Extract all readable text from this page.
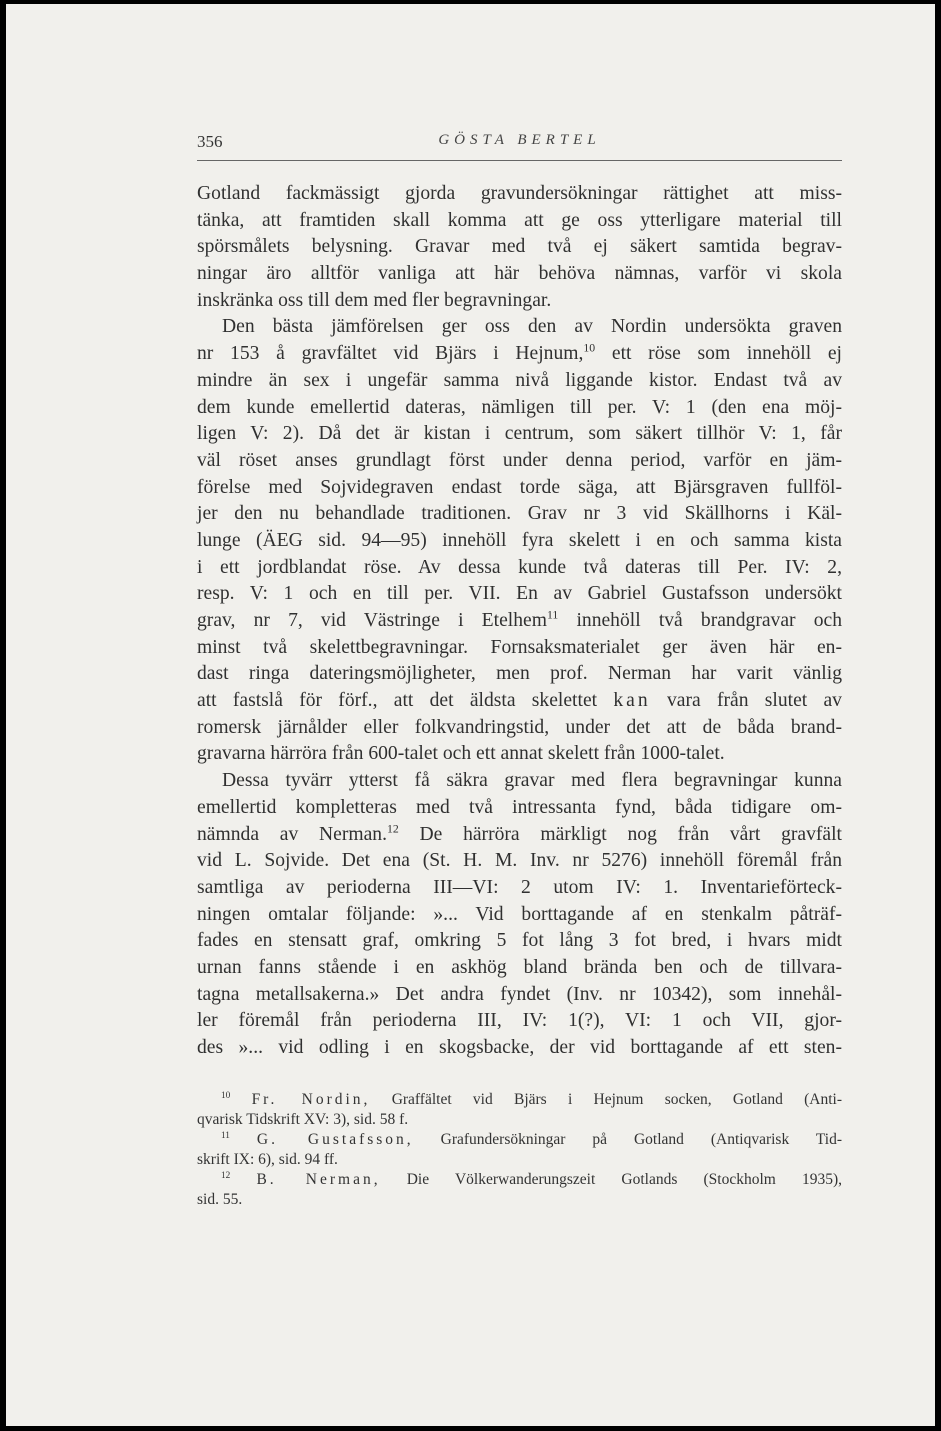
356	GÖSTA BERTEL
Gotland fackmässigt gjorda gravundersökningar rättighet att miss-
tänka, att framtiden skall komma att ge oss ytterligare material till
spörsmålets belysning. Gravar med två ej säkert samtida begrav-
ningar äro alltför vanliga att här behöva nämnas, varför vi skola
inskränka oss till dem med fler begravningar.
Den bästa jämförelsen ger oss den av Nordin undersökta graven
nr 153 å gravfältet vid Bjärs i Hejnum,$^{10}$ ett röse som innehöll ej
mindre än sex i ungefär samma nivå liggande kistor. Endast två av
dem kunde emellertid dateras, nämligen till per. V: 1 (den ena möj-
ligen V: 2). Då det är kistan i centrum, som säkert tillhör V: 1, får
väl röset anses grundlagt först under denna period, varför en jäm-
förelse med Sojvidegraven endast torde säga, att Bjärsgraven fullföl-
jer den nu behandlade traditionen. Grav nr 3 vid Skällhorns i Käl-
lunge (ÄEG sid. 94—95) innehöll fyra skelett i en och samma kista
i ett jordblandat röse. Av dessa kunde två dateras till Per. IV: 2,
resp. V: 1 och en till per. VII. En av Gabriel Gustafsson undersökt
grav, nr 7, vid Västringe i Etelhem$^{11}$ innehöll två brandgravar och
minst två skelettbegravningar. Fornsaksmaterialet ger även här en-
dast ringa dateringsmöjligheter, men prof. Nerman har varit vänlig
att fastslå för förf., att det äldsta skelettet kan vara från slutet av
romersk järnålder eller folkvandringstid, under det att de båda brand-
gravarna härröra från 600-talet och ett annat skelett från 1000-talet.
Dessa tyvärr ytterst få säkra gravar med flera begravningar kunna
emellertid kompletteras med två intressanta fynd, båda tidigare om-
nämnda av Nerman.$^{12}$ De härröra märkligt nog från vårt gravfält
vid L. Sojvide. Det ena (St. H. M. Inv. nr 5276) innehöll föremål från
samtliga av perioderna III—VI: 2 utom IV: 1. Inventarieförteck-
ningen omtalar följande: »... Vid borttagande af en stenkalm påträf-
fades en stensatt graf, omkring 5 fot lång 3 fot bred, i hvars midt
urnan fanns stående i en askhög bland brända ben och de tillvara-
tagna metallsakerna.» Det andra fyndet (Inv. nr 10342), som innehål-
ler föremål från perioderna III, IV: 1(?), VI: 1 och VII, gjor-
des »... vid odling i en skogsbacke, der vid borttagande af ett sten-
$^{10}$ Fr. Nordin, Graffältet vid Bjärs i Hejnum socken, Gotland (Anti-
qvarisk Tidskrift XV: 3), sid. 58 f.
$^{11}$ G. Gustafsson, Grafundersökningar på Gotland (Antiqvarisk Tid-
skrift IX: 6), sid. 94 ff.
$^{12}$ B. Nerman, Die Völkerwanderungszeit Gotlands (Stockholm 1935),
sid. 55.
